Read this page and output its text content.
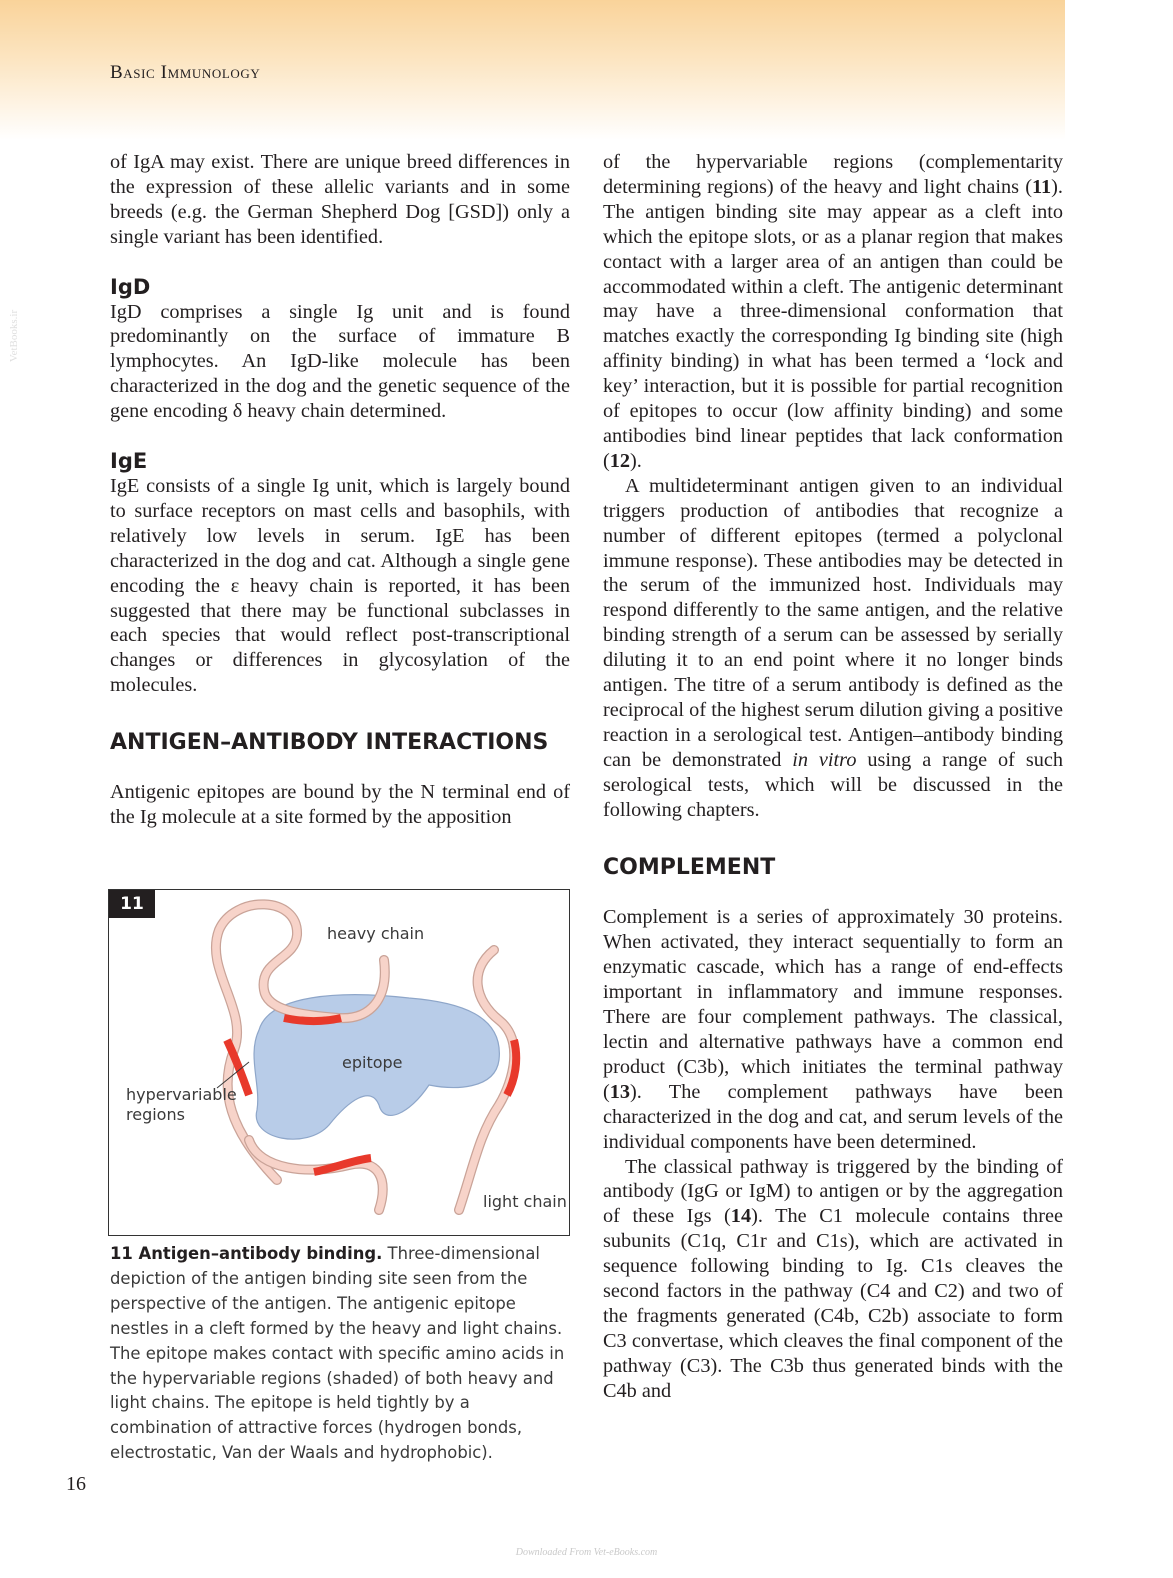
Basic Immunology
VetBooks.ir

of IgA may exist. There are unique breed differences in the expression of these allelic variants and in some breeds (e.g. the German Shepherd Dog [GSD]) only a single variant has been identified.

IgD

IgD comprises a single Ig unit and is found predominantly on the surface of immature B lymphocytes. An IgD-like molecule has been characterized in the dog and the genetic sequence of the gene encoding δ heavy chain determined.

IgE

IgE consists of a single Ig unit, which is largely bound to surface receptors on mast cells and basophils, with relatively low levels in serum. IgE has been characterized in the dog and cat. Although a single gene encoding the ε heavy chain is reported, it has been suggested that there may be functional subclasses in each species that would reflect post-transcriptional changes or differences in glycosylation of the molecules.

ANTIGEN–ANTIBODY INTERACTIONS

Antigenic epitopes are bound by the N terminal end of the Ig molecule at a site formed by the apposition

11
heavy chain
epitope
hypervariable
regions
light chain
11 Antigen–antibody binding. Three-dimensional depiction of the antigen binding site seen from the perspective of the antigen. The antigenic epitope nestles in a cleft formed by the heavy and light chains. The epitope makes contact with specific amino acids in the hypervariable regions (shaded) of both heavy and light chains. The epitope is held tightly by a combination of attractive forces (hydrogen bonds, electrostatic, Van der Waals and hydrophobic).

of the hypervariable regions (complementarity determining regions) of the heavy and light chains (11). The antigen binding site may appear as a cleft into which the epitope slots, or as a planar region that makes contact with a larger area of an antigen than could be accommodated within a cleft. The antigenic determinant may have a three-dimensional conformation that matches exactly the corresponding Ig binding site (high affinity binding) in what has been termed a ‘lock and key’ interaction, but it is possible for partial recognition of epitopes to occur (low affinity binding) and some antibodies bind linear peptides that lack conformation (12).

A multideterminant antigen given to an individual triggers production of antibodies that recognize a number of different epitopes (termed a polyclonal immune response). These antibodies may be detected in the serum of the immunized host. Individuals may respond differently to the same antigen, and the relative binding strength of a serum can be assessed by serially diluting it to an end point where it no longer binds antigen. The titre of a serum antibody is defined as the reciprocal of the highest serum dilution giving a positive reaction in a serological test. Antigen–antibody binding can be demonstrated in vitro using a range of such serological tests, which will be discussed in the following chapters.

COMPLEMENT

Complement is a series of approximately 30 proteins. When activated, they interact sequentially to form an enzymatic cascade, which has a range of end-effects important in inflammatory and immune responses. There are four complement pathways. The classical, lectin and alternative pathways have a common end product (C3b), which initiates the terminal pathway (13). The complement pathways have been characterized in the dog and cat, and serum levels of the individual components have been determined.

The classical pathway is triggered by the binding of antibody (IgG or IgM) to antigen or by the aggregation of these Igs (14). The C1 molecule contains three subunits (C1q, C1r and C1s), which are activated in sequence following binding to Ig. C1s cleaves the second factors in the pathway (C4 and C2) and two of the fragments generated (C4b, C2b) associate to form C3 convertase, which cleaves the final component of the pathway (C3). The C3b thus generated binds with the C4b and

16
Downloaded From Vet-eBooks.com
